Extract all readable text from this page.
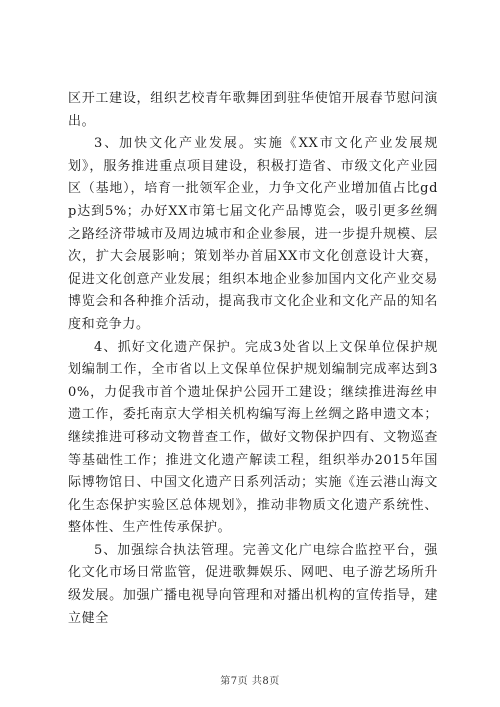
区开工建设，组织艺校青年歌舞团到驻华使馆开展春节慰问演出。

3、加快文化产业发展。实施《XX市文化产业发展规划》，服务推进重点项目建设，积极打造省、市级文化产业园区（基地），培育一批领军企业，力争文化产业增加值占比gdp达到5%；办好XX市第七届文化产品博览会，吸引更多丝绸之路经济带城市及周边城市和企业参展，进一步提升规模、层次，扩大会展影响；策划举办首届XX市文化创意设计大赛，促进文化创意产业发展；组织本地企业参加国内文化产业交易博览会和各种推介活动，提高我市文化企业和文化产品的知名度和竞争力。

4、抓好文化遗产保护。完成3处省以上文保单位保护规划编制工作，全市省以上文保单位保护规划编制完成率达到30%，力促我市首个遗址保护公园开工建设；继续推进海丝申遗工作，委托南京大学相关机构编写海上丝绸之路申遗文本；继续推进可移动文物普查工作，做好文物保护四有、文物巡查等基础性工作；推进文化遗产解读工程，组织举办2015年国际博物馆日、中国文化遗产日系列活动；实施《连云港山海文化生态保护实验区总体规划》，推动非物质文化遗产系统性、整体性、生产性传承保护。

5、加强综合执法管理。完善文化广电综合监控平台，强化文化市场日常监管，促进歌舞娱乐、网吧、电子游艺场所升级发展。加强广播电视导向管理和对播出机构的宣传指导，建立健全

第7页 共8页
